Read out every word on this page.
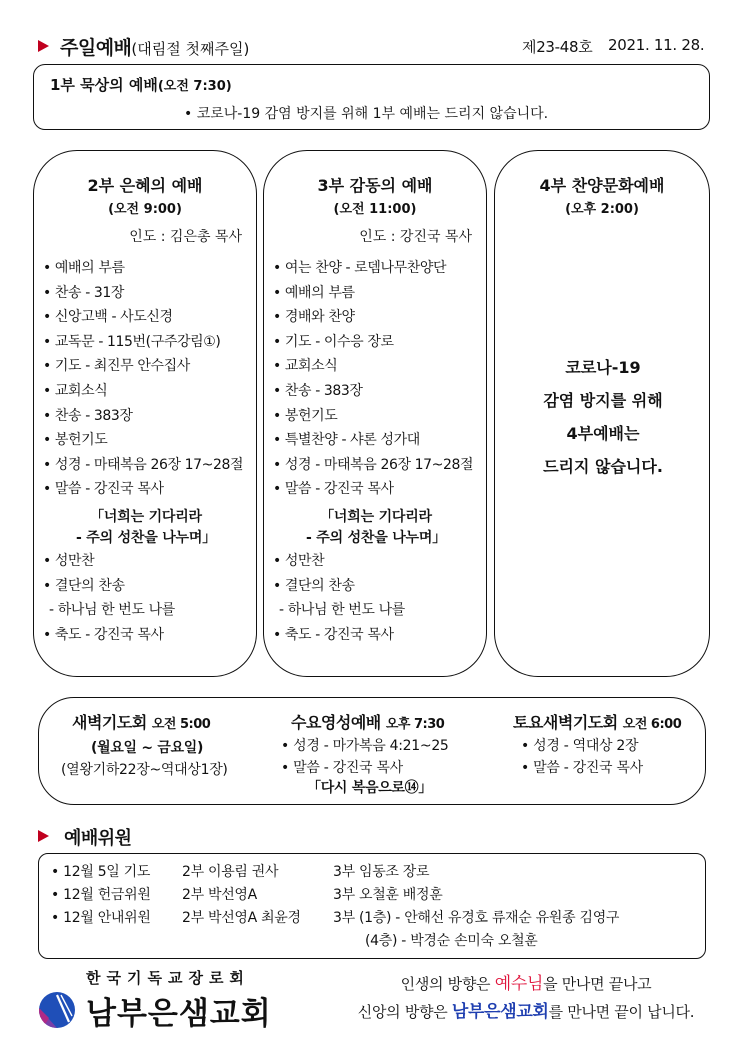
주일예배(대림절 첫째주일)	제23-48호 2021. 11. 28.
1부 묵상의 예배(오전 7:30)
• 코로나-19 감염 방지를 위해 1부 예배는 드리지 않습니다.
2부 은혜의 예배
(오전 9:00)
인도 : 김은총 목사
• 예배의 부름
• 찬송 - 31장
• 신앙고백 - 사도신경
• 교독문 - 115번(구주강림①)
• 기도 - 최진무 안수집사
• 교회소식
• 찬송 - 383장
• 봉헌기도
• 성경 - 마태복음 26장 17~28절
• 말씀 - 강진국 목사
「너희는 기다리라
- 주의 성찬을 나누며」
• 성만찬
• 결단의 찬송
- 하나님 한 번도 나를
• 축도 - 강진국 목사
3부 감동의 예배
(오전 11:00)
인도 : 강진국 목사
• 여는 찬양 - 로뎀나무찬양단
• 예배의 부름
• 경배와 찬양
• 기도 - 이수응 장로
• 교회소식
• 찬송 - 383장
• 봉헌기도
• 특별찬양 - 샤론 성가대
• 성경 - 마태복음 26장 17~28절
• 말씀 - 강진국 목사
「너희는 기다리라
- 주의 성찬을 나누며」
• 성만찬
• 결단의 찬송
- 하나님 한 번도 나를
• 축도 - 강진국 목사
4부 찬양문화예배
(오후 2:00)
코로나-19
감염 방지를 위해
4부예배는
드리지 않습니다.
새벽기도회 오전 5:00
(월요일 ~ 금요일)
(열왕기하22장~역대상1장)
수요영성예배 오후 7:30
• 성경 - 마가복음 4:21~25
• 말씀 - 강진국 목사
「다시 복음으로⑭」
토요새벽기도회 오전 6:00
• 성경 - 역대상 2장
• 말씀 - 강진국 목사
예배위원
• 12월 5일 기도 2부 이용림 권사	3부 임동조 장로
• 12월 헌금위원 2부 박선영A	3부 오철훈 배정훈
• 12월 안내위원 2부 박선영A 최윤경 3부 (1층) - 안해선 유경호 류재순 유원종 김영구
(4층) - 박경순 손미숙 오철훈
한국기독교장로회
남부은샘교회
인생의 방향은 예수님을 만나면 끝나고
신앙의 방향은 남부은샘교회를 만나면 끝이 납니다.
